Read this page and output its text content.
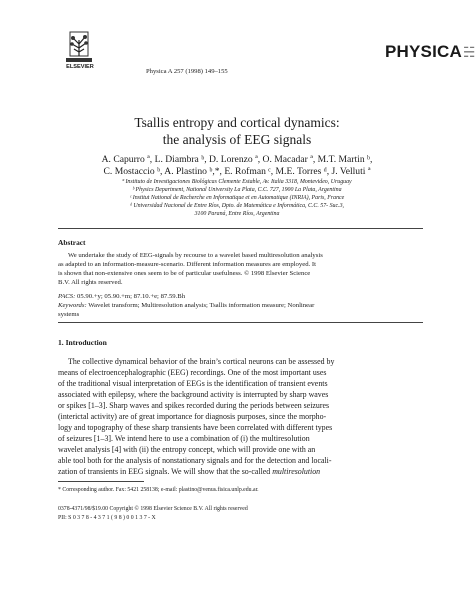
ELSEVIER
Physica A 257 (1998) 149–155
PHYSICA☵
Tsallis entropy and cortical dynamics:
the analysis of EEG signals
A. Capurro ª, L. Diambra ᵇ, D. Lorenzo ª, O. Macadar ª, M.T. Martin ᵇ,
C. Mostaccio ᵇ, A. Plastino ᵇ,*, E. Rofman ᶜ, M.E. Torres ᵈ, J. Velluti ª
ª Instituto de Investigaciones Biológicas Clemente Estable, Av. Italia 3318, Montevideo, Uruguay
ᵇ Physics Department, National University La Plata, C.C. 727, 1900 La Plata, Argentina
ᶜ Institut National de Recherche en Informatique et en Automatique (INRIA), Paris, France
ᵈ Universidad Nacional de Entre Ríos, Dpto. de Matemática e Informática, C.C. 57- Suc.3,
3100 Paraná, Entre Ríos, Argentina
Abstract
We undertake the study of EEG-signals by recourse to a wavelet based multiresolution analysis
as adapted to an information-measure-scenario. Different information measures are employed. It
is shown that non-extensive ones seem to be of particular usefulness. © 1998 Elsevier Science
B.V. All rights reserved.
PACS: 05.90.+y; 05.90.+m; 87.10.+e; 87.59.Bh
Keywords: Wavelet transform; Multiresolution analysis; Tsallis information measure; Nonlinear
systems
1. Introduction
The collective dynamical behavior of the brain’s cortical neurons can be assessed by
means of electroencephalographic (EEG) recordings. One of the most important uses
of the traditional visual interpretation of EEGs is the identification of transient events
associated with epilepsy, where the background activity is interrupted by sharp waves
or spikes [1–3]. Sharp waves and spikes recorded during the periods between seizures
(interictal activity) are of great importance for diagnosis purposes, since the morpho-
logy and topography of these sharp transients have been correlated with different types
of seizures [1–3]. We intend here to use a combination of (i) the multiresolution
wavelet analysis [4] with (ii) the entropy concept, which will provide one with an
able tool both for the analysis of nonstationary signals and for the detection and locali-
zation of transients in EEG signals. We will show that the so-called multiresolution
* Corresponding author. Fax: 5421 258138; e-mail: plastino@venus.fisica.unlp.edu.ar.
0378-4371/98/$19.00 Copyright © 1998 Elsevier Science B.V. All rights reserved
PII: S 0 3 7 8 - 4 3 7 1 ( 9 8 ) 0 0 1 3 7 - X
